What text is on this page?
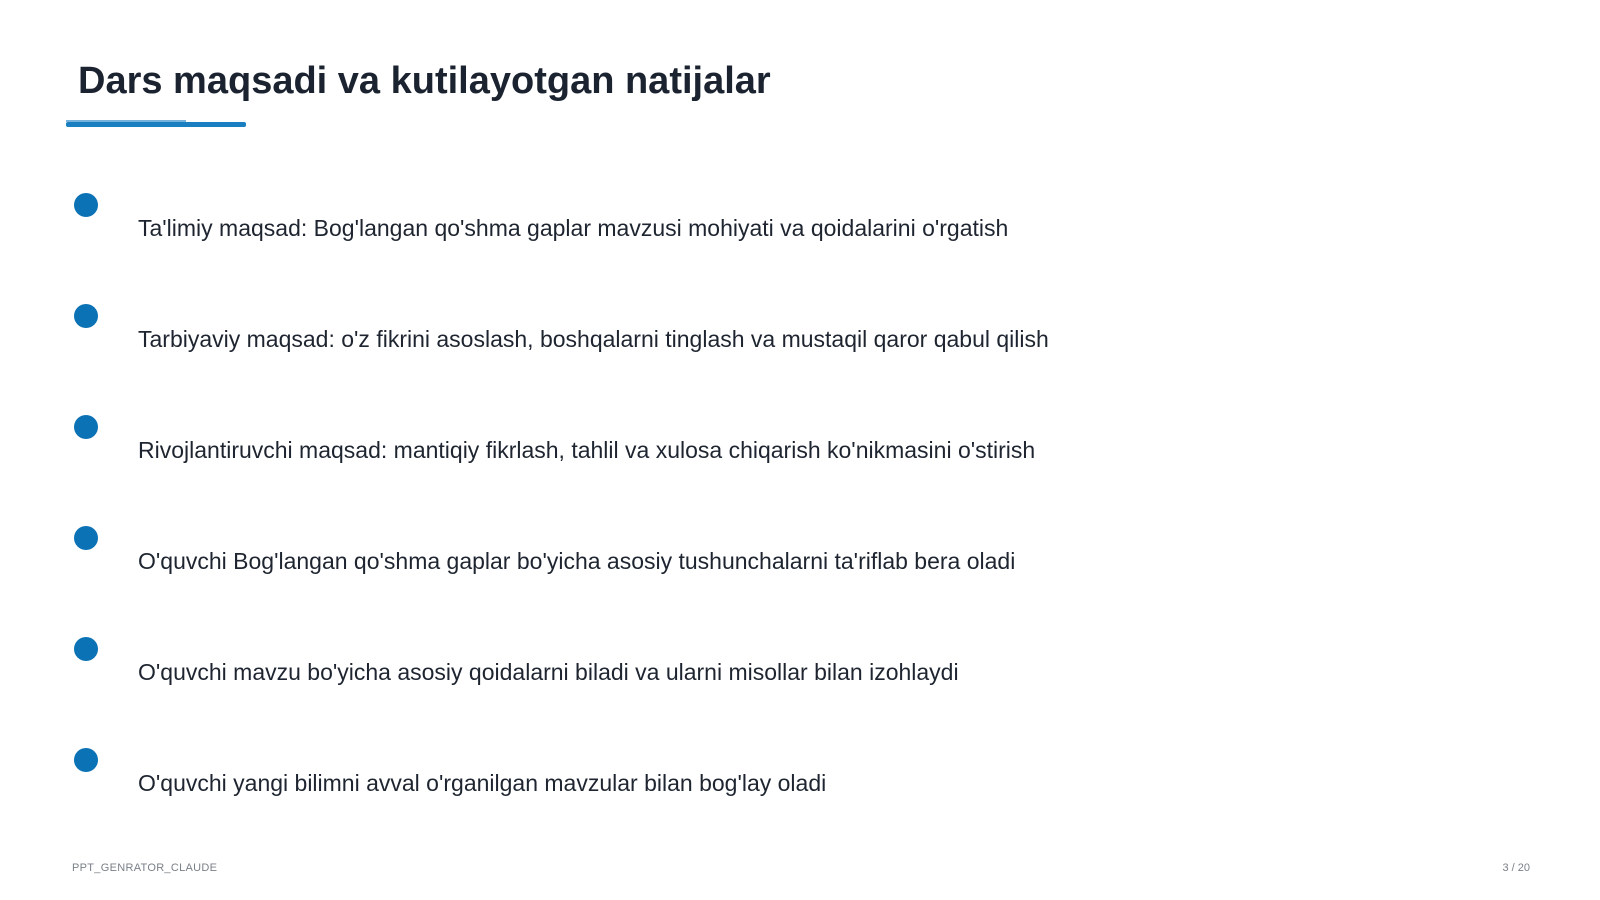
Dars maqsadi va kutilayotgan natijalar
Ta'limiy maqsad: Bog'langan qo'shma gaplar mavzusi mohiyati va qoidalarini o'rgatish
Tarbiyaviy maqsad: o'z fikrini asoslash, boshqalarni tinglash va mustaqil qaror qabul qilish
Rivojlantiruvchi maqsad: mantiqiy fikrlash, tahlil va xulosa chiqarish ko'nikmasini o'stirish
O'quvchi Bog'langan qo'shma gaplar bo'yicha asosiy tushunchalarni ta'riflab bera oladi
O'quvchi mavzu bo'yicha asosiy qoidalarni biladi va ularni misollar bilan izohlaydi
O'quvchi yangi bilimni avval o'rganilgan mavzular bilan bog'lay oladi
PPT_GENRATOR_CLAUDE	3 / 20
